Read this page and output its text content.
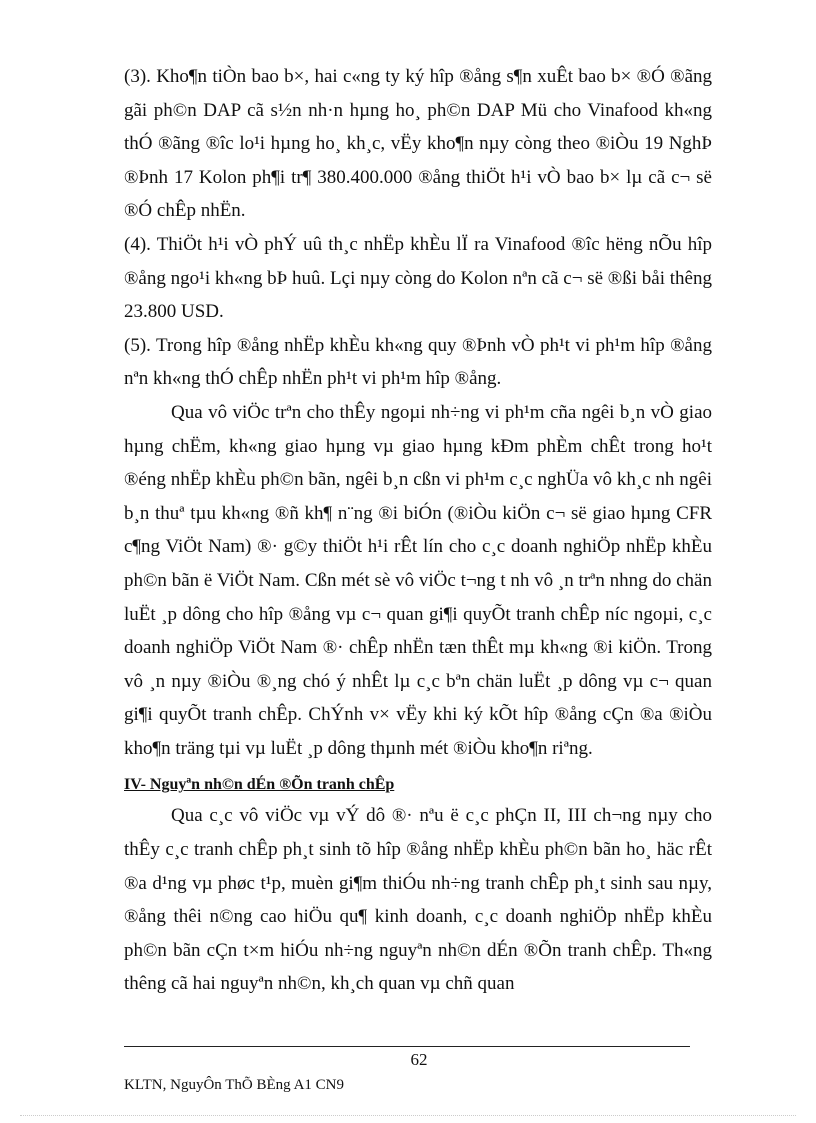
(3). Kho¶n tiÒn bao b×, hai c«ng ty ký hîp ®ång s¶n xuÊt bao b× ®Ó ®ãng gãi ph©n DAP cã s½n nh·n hµng ho¸ ph©n DAP Mü cho Vinafood kh«ng thÓ ®ãng ®îc lo¹i hµng ho¸ kh¸c, vËy kho¶n nµy còng theo ®iÒu 19 NghÞ ®Þnh 17 Kolon ph¶i tr¶ 380.400.000 ®ång thiÖt h¹i vÒ bao b× lµ cã c¬ së ®Ó chÊp nhËn.

(4). ThiÖt h¹i vÒ phÝ uû th¸c nhËp khÈu lÏ ra Vinafood ®îc hëng nÕu hîp ®ång ngo¹i kh«ng bÞ huû. Lçi nµy còng do Kolon nªn cã c¬ së ®ßi båi thêng 23.800 USD.

(5). Trong hîp ®ång nhËp khÈu kh«ng quy ®Þnh vÒ ph¹t vi ph¹m hîp ®ång nªn kh«ng thÓ chÊp nhËn ph¹t vi ph¹m hîp ®ång.

Qua vô viÖc trªn cho thÊy ngoµi nh÷ng vi ph¹m cña ngêi b¸n vÒ giao hµng chËm, kh«ng giao hµng vµ giao hµng kÐm phÈm chÊt trong ho¹t ®éng nhËp khÈu ph©n bãn, ngêi b¸n cßn vi ph¹m c¸c nghÜa vô kh¸c nh ngêi b¸n thuª tµu kh«ng ®ñ kh¶ n¨ng ®i biÓn (®iÒu kiÖn c¬ së giao hµng CFR c¶ng ViÖt Nam) ®· g©y thiÖt h¹i rÊt lín cho c¸c doanh nghiÖp nhËp khÈu ph©n bãn ë ViÖt Nam. Cßn mét sè vô viÖc t¬ng t nh vô ¸n trªn nhng do chän luËt ¸p dông cho hîp ®ång vµ c¬ quan gi¶i quyÕt tranh chÊp níc ngoµi, c¸c doanh nghiÖp ViÖt Nam ®· chÊp nhËn tæn thÊt mµ kh«ng ®i kiÖn. Trong vô ¸n nµy ®iÒu ®¸ng chó ý nhÊt lµ c¸c bªn chän luËt ¸p dông vµ c¬ quan gi¶i quyÕt tranh chÊp. ChÝnh v× vËy khi ký kÕt hîp ®ång cÇn ®a ®iÒu kho¶n träng tµi vµ luËt ¸p dông thµnh mét ®iÒu kho¶n riªng.

IV- Nguyªn nh©n dÉn ®Õn tranh chÊp

Qua c¸c vô viÖc vµ vÝ dô ®· nªu ë c¸c phÇn II, III ch¬ng nµy cho thÊy c¸c tranh chÊp ph¸t sinh tõ hîp ®ång nhËp khÈu ph©n bãn ho¸ häc rÊt ®a d¹ng vµ phøc t¹p, muèn gi¶m thiÓu nh÷ng tranh chÊp ph¸t sinh sau nµy, ®ång thêi n©ng cao hiÖu qu¶ kinh doanh, c¸c doanh nghiÖp nhËp khÈu ph©n bãn cÇn t×m hiÓu nh÷ng nguyªn nh©n dÉn ®Õn tranh chÊp. Th«ng thêng cã hai nguyªn nh©n, kh¸ch quan vµ chñ quan

62
KLTN, NguyÔn ThÕ BÈng A1 CN9
